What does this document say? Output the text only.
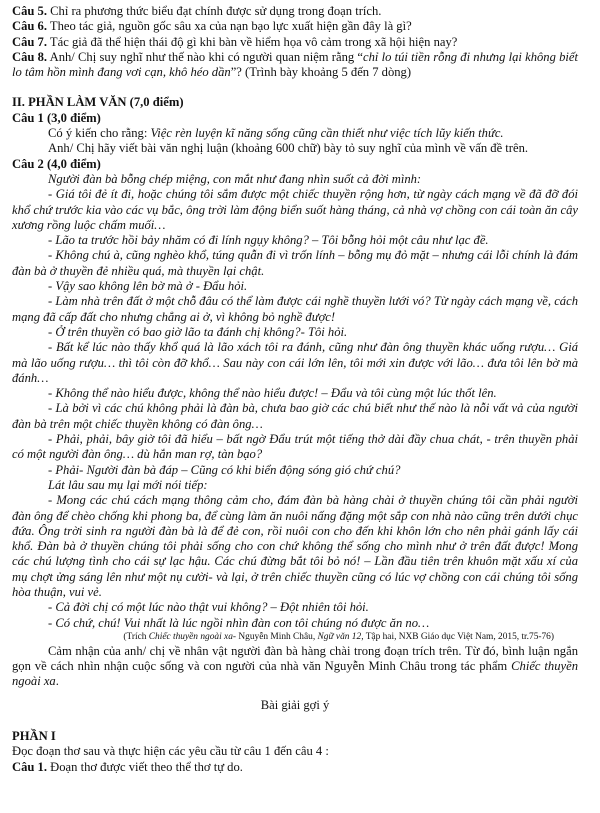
Câu 5. Chỉ ra phương thức biểu đạt chính được sử dụng trong đoạn trích.

Câu 6. Theo tác giả, nguồn gốc sâu xa của nạn bạo lực xuất hiện gần đây là gì?

Câu 7. Tác giả đã thể hiện thái độ gì khi bàn về hiểm họa vô cảm trong xã hội hiện nay?

Câu 8. Anh/ Chị suy nghĩ như thế nào khi có người quan niệm rằng “chỉ lo túi tiền rỗng đi nhưng lại không biết lo tâm hồn mình đang vơi cạn, khô héo dần”? (Trình bày khoảng 5 đến 7 dòng)

II. PHẦN LÀM VĂN (7,0 điểm)

Câu 1 (3,0 điểm)

Có ý kiến cho rằng: Việc rèn luyện kĩ năng sống cũng cần thiết như việc tích lũy kiến thức.

Anh/ Chị hãy viết bài văn nghị luận (khoảng 600 chữ) bày tỏ suy nghĩ của mình về vấn đề trên.

Câu 2 (4,0 điểm)

Người đàn bà bỗng chép miệng, con mắt như đang nhìn suốt cả đời mình:

- Giá tôi đẻ ít đi, hoặc chúng tôi sắm được một chiếc thuyền rộng hơn, từ ngày cách mạng về đã đỡ đói khổ chứ trước kia vào các vụ bắc, ông trời làm động biển suốt hàng tháng, cả nhà vợ chồng con cái toàn ăn cây xương rồng luộc chấm muối…

- Lão ta trước hồi bảy nhăm có đi lính ngụy không? – Tôi bỗng hỏi một câu như lạc đề.

- Không chú à, cũng nghèo khổ, túng quẫn đi vì trốn lính – bỗng mụ đỏ mặt – nhưng cái lỗi chính là đám đàn bà ở thuyền đẻ nhiều quá, mà thuyền lại chật.

- Vậy sao không lên bờ mà ở - Đẩu hỏi.

- Làm nhà trên đất ở một chỗ đâu có thể làm được cái nghề thuyền lưới vó? Từ ngày cách mạng về, cách mạng đã cấp đất cho nhưng chẳng ai ở, vì không bỏ nghề được!

- Ở trên thuyền có bao giờ lão ta đánh chị không?- Tôi hỏi.

- Bất kể lúc nào thấy khổ quá là lão xách tôi ra đánh, cũng như đàn ông thuyền khác uống rượu… Giá mà lão uống rượu… thì tôi còn đỡ khổ… Sau này con cái lớn lên, tôi mới xin được với lão… đưa tôi lên bờ mà đánh…

- Không thể nào hiểu được, không thể nào hiểu được! – Đẩu và tôi cùng một lúc thốt lên.

- Là bởi vì các chú không phải là đàn bà, chưa bao giờ các chú biết như thế nào là nỗi vất vả của người đàn bà trên một chiếc thuyền không có đàn ông…

- Phải, phải, bây giờ tôi đã hiểu – bất ngờ Đẩu trút một tiếng thở dài đầy chua chát, - trên thuyền phải có một người đàn ông… dù hắn man rợ, tàn bạo?

- Phải- Người đàn bà đáp – Cũng có khi biển động sóng gió chứ chú?

Lát lâu sau mụ lại mới nói tiếp:

- Mong các chú cách mạng thông cảm cho, đám đàn bà hàng chài ở thuyền chúng tôi cần phải người đàn ông để chèo chống khi phong ba, để cùng làm ăn nuôi nấng đặng một sắp con nhà nào cũng trên dưới chục đứa. Ông trời sinh ra người đàn bà là để đẻ con, rồi nuôi con cho đến khi khôn lớn cho nên phải gánh lấy cái khổ. Đàn bà ở thuyền chúng tôi phải sống cho con chứ không thể sống cho mình như ở trên đất được! Mong các chú lượng tình cho cái sự lạc hậu. Các chú đừng bắt tôi bỏ nó! – Lần đầu tiên trên khuôn mặt xấu xí của mụ chợt ửng sáng lên như một nụ cười- và lại, ở trên chiếc thuyền cũng có lúc vợ chồng con cái chúng tôi sống hòa thuận, vui vẻ.

- Cả đời chị có một lúc nào thật vui không? – Đột nhiên tôi hỏi.

- Có chứ, chú! Vui nhất là lúc ngồi nhìn đàn con tôi chúng nó được ăn no…

(Trích Chiếc thuyền ngoài xa- Nguyễn Minh Châu, Ngữ văn 12, Tập hai, NXB Giáo dục Việt Nam, 2015, tr.75-76)

Cảm nhận của anh/ chị về nhân vật người đàn bà hàng chài trong đoạn trích trên. Từ đó, bình luận ngắn gọn về cách nhìn nhận cuộc sống và con người của nhà văn Nguyễn Minh Châu trong tác phẩm Chiếc thuyền ngoài xa.

Bài giải gợi ý

PHẦN I

Đọc đoạn thơ sau và thực hiện các yêu cầu từ câu 1 đến câu 4 :

Câu 1. Đoạn thơ được viết theo thể thơ tự do.
